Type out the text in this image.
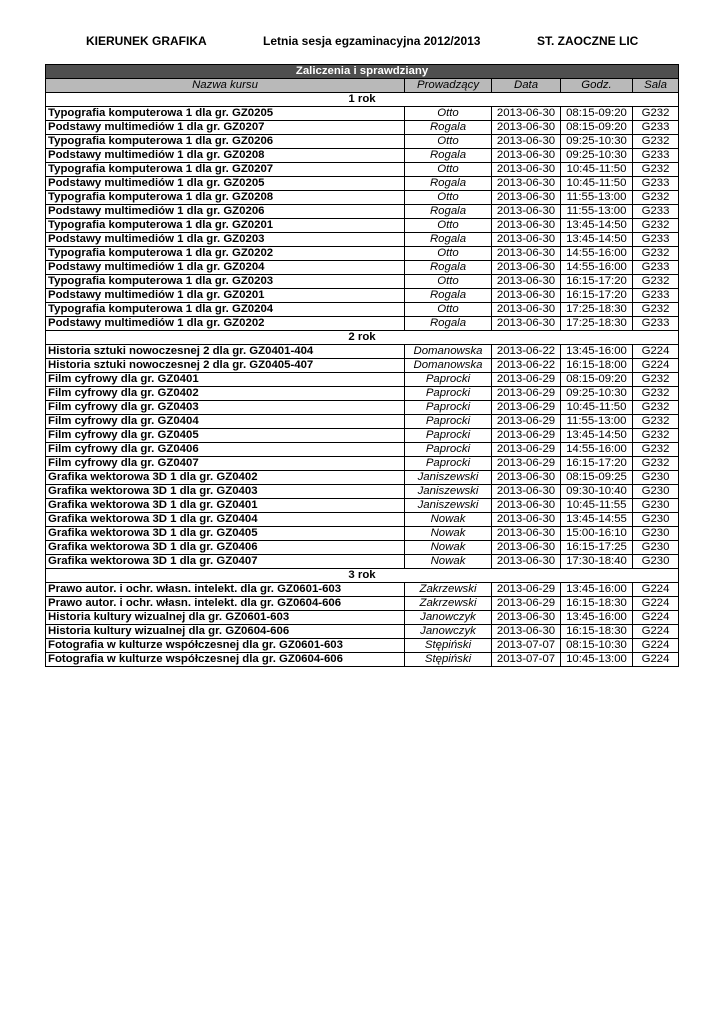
KIERUNEK GRAFIKA	Letnia sesja egzaminacyjna 2012/2013	ST. ZAOCZNE LIC
Zaliczenia i sprawdziany				
Nazwa kursu	Prowadzący	Data	Godz.	Sala
1 rok				
Typografia komputerowa 1 dla gr. GZ0205	Otto	2013-06-30	08:15-09:20	G232
Podstawy multimediów 1 dla gr. GZ0207	Rogala	2013-06-30	08:15-09:20	G233
Typografia komputerowa 1 dla gr. GZ0206	Otto	2013-06-30	09:25-10:30	G232
Podstawy multimediów 1 dla gr. GZ0208	Rogala	2013-06-30	09:25-10:30	G233
Typografia komputerowa 1 dla gr. GZ0207	Otto	2013-06-30	10:45-11:50	G232
Podstawy multimediów 1 dla gr. GZ0205	Rogala	2013-06-30	10:45-11:50	G233
Typografia komputerowa 1 dla gr. GZ0208	Otto	2013-06-30	11:55-13:00	G232
Podstawy multimediów 1 dla gr. GZ0206	Rogala	2013-06-30	11:55-13:00	G233
Typografia komputerowa 1 dla gr. GZ0201	Otto	2013-06-30	13:45-14:50	G232
Podstawy multimediów 1 dla gr. GZ0203	Rogala	2013-06-30	13:45-14:50	G233
Typografia komputerowa 1 dla gr. GZ0202	Otto	2013-06-30	14:55-16:00	G232
Podstawy multimediów 1 dla gr. GZ0204	Rogala	2013-06-30	14:55-16:00	G233
Typografia komputerowa 1 dla gr. GZ0203	Otto	2013-06-30	16:15-17:20	G232
Podstawy multimediów 1 dla gr. GZ0201	Rogala	2013-06-30	16:15-17:20	G233
Typografia komputerowa 1 dla gr. GZ0204	Otto	2013-06-30	17:25-18:30	G232
Podstawy multimediów 1 dla gr. GZ0202	Rogala	2013-06-30	17:25-18:30	G233
2 rok				
Historia sztuki nowoczesnej 2 dla gr. GZ0401-404	Domanowska	2013-06-22	13:45-16:00	G224
Historia sztuki nowoczesnej 2 dla gr. GZ0405-407	Domanowska	2013-06-22	16:15-18:00	G224
Film cyfrowy dla gr. GZ0401	Paprocki	2013-06-29	08:15-09:20	G232
Film cyfrowy dla gr. GZ0402	Paprocki	2013-06-29	09:25-10:30	G232
Film cyfrowy dla gr. GZ0403	Paprocki	2013-06-29	10:45-11:50	G232
Film cyfrowy dla gr. GZ0404	Paprocki	2013-06-29	11:55-13:00	G232
Film cyfrowy dla gr. GZ0405	Paprocki	2013-06-29	13:45-14:50	G232
Film cyfrowy dla gr. GZ0406	Paprocki	2013-06-29	14:55-16:00	G232
Film cyfrowy dla gr. GZ0407	Paprocki	2013-06-29	16:15-17:20	G232
Grafika wektorowa 3D 1 dla gr. GZ0402	Janiszewski	2013-06-30	08:15-09:25	G230
Grafika wektorowa 3D 1 dla gr. GZ0403	Janiszewski	2013-06-30	09:30-10:40	G230
Grafika wektorowa 3D 1 dla gr. GZ0401	Janiszewski	2013-06-30	10:45-11:55	G230
Grafika wektorowa 3D 1 dla gr. GZ0404	Nowak	2013-06-30	13:45-14:55	G230
Grafika wektorowa 3D 1 dla gr. GZ0405	Nowak	2013-06-30	15:00-16:10	G230
Grafika wektorowa 3D 1 dla gr. GZ0406	Nowak	2013-06-30	16:15-17:25	G230
Grafika wektorowa 3D 1 dla gr. GZ0407	Nowak	2013-06-30	17:30-18:40	G230
3 rok				
Prawo autor. i ochr. własn. intelekt. dla gr. GZ0601-603	Zakrzewski	2013-06-29	13:45-16:00	G224
Prawo autor. i ochr. własn. intelekt. dla gr. GZ0604-606	Zakrzewski	2013-06-29	16:15-18:30	G224
Historia kultury wizualnej dla gr. GZ0601-603	Janowczyk	2013-06-30	13:45-16:00	G224
Historia kultury wizualnej dla gr. GZ0604-606	Janowczyk	2013-06-30	16:15-18:30	G224
Fotografia w kulturze współczesnej dla gr. GZ0601-603	Stępiński	2013-07-07	08:15-10:30	G224
Fotografia w kulturze współczesnej dla gr. GZ0604-606	Stępiński	2013-07-07	10:45-13:00	G224
